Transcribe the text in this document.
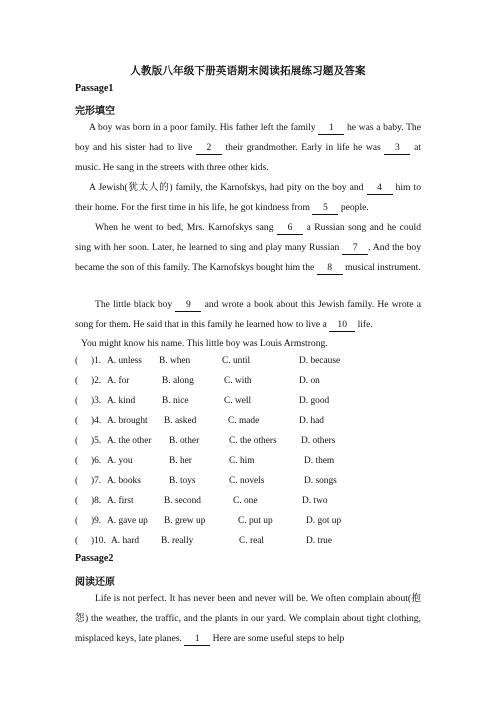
人教版八年级下册英语期末阅读拓展练习题及答案
Passage1
完形填空

A boy was born in a poor family. His father left the family 1 he was a baby. The boy and his sister had to live 2 their grandmother. Early in life he was 3 at music. He sang in the streets with three other kids.

A Jewish(犹太人的) family, the Karnofskys, had pity on the boy and 4 him to their home. For the first time in his life, he got kindness from 5 people.

When he went to bed, Mrs. Karnofskys sang 6 a Russian song and he could sing with her soon. Later, he learned to sing and play many Russian 7 . And the boy became the son of this family. The Karnofskys bought him the 8 musical instrument.

The little black boy 9 and wrote a book about this Jewish family. He wrote a song for them. He said that in this family he learned how to live a 10 life.

You might know his name. This little boy was Louis Armstrong.

( )1. A. unless B. when	C. until	D. because
( )2. A. for	B. along	C. with	D. on
( )3. A. kind	B. nice	C. well	D. good
( )4. A. brought B. asked	C. made	D. had
( )5. A. the other B. other	C. the others	D. others
( )6. A. you	B. her	C. him	D. them
( )7. A. books	B. toys	C. novels	D. songs
( )8. A. first	B. second	C. one	D. two
( )9. A. gave up B. grew up	C. put up	D. got up
( )10. A. hard B. really	C. real	D. true
Passage2
阅读还原

Life is not perfect. It has never been and never will be. We often complain about(抱怨) the weather, the traffic, and the plants in our yard. We complain about tight clothing, misplaced keys, late planes. 1 Here are some useful steps to help
